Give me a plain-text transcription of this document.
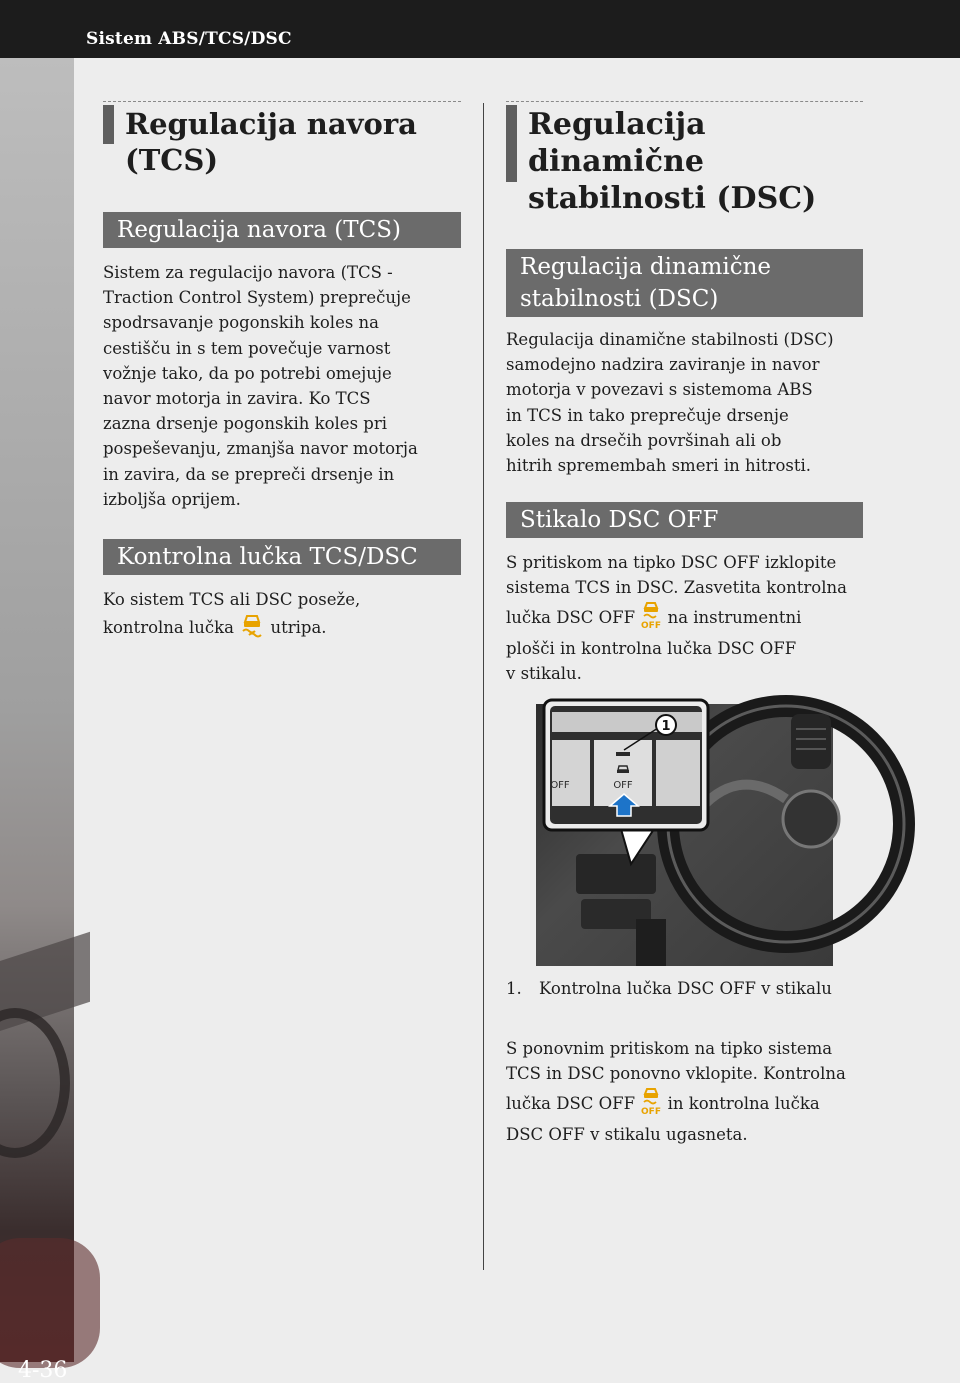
Sistem ABS/TCS/DSC
4-36
Regulacija navora (TCS)
Regulacija navora (TCS)
Sistem za regulacijo navora (TCS -
Traction Control System) preprečuje
spodrsavanje pogonskih koles na
cestišču in s tem povečuje varnost
vožnje tako, da po potrebi omejuje
navor motorja in zavira. Ko TCS
zazna drsenje pogonskih koles pri
pospeševanju, zmanjša navor motorja
in zavira, da se prepreči drsenje in
izboljša oprijem.
Kontrolna lučka TCS/DSC
Ko sistem TCS ali DSC poseže,
kontrolna lučka utripa.
Regulacija dinamične
stabilnosti (DSC)
Regulacija dinamične
stabilnosti (DSC)
Regulacija dinamične stabilnosti (DSC)
samodejno nadzira zaviranje in navor
motorja v povezavi s sistemoma ABS
in TCS in tako preprečuje drsenje
koles na drsečih površinah ali ob
hitrih spremembah smeri in hitrosti.
Stikalo DSC OFF
S pritiskom na tipko DSC OFF izklopite
sistema TCS in DSC. Zasvetita kontrolna
lučka DSC OFF OFF na instrumentni
plošči in kontrolna lučka DSC OFF
v stikalu.
OFF
OFF
1
1.	Kontrolna lučka DSC OFF v stikalu
S ponovnim pritiskom na tipko sistema
TCS in DSC ponovno vklopite. Kontrolna
lučka DSC OFF OFF in kontrolna lučka
DSC OFF v stikalu ugasneta.
